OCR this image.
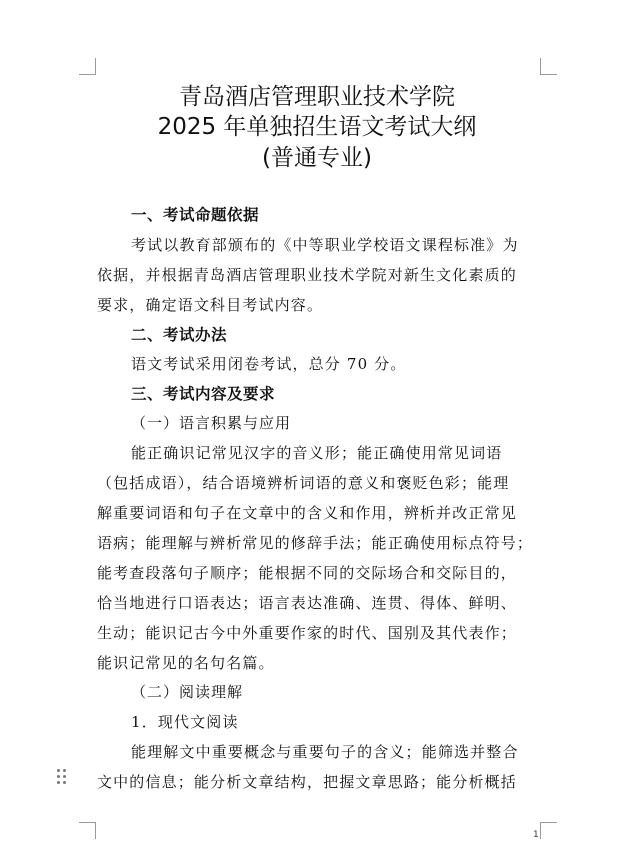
青岛酒店管理职业技术学院
2025 年单独招生语文考试大纲
(普通专业)
一、考试命题依据
考试以教育部颁布的《中等职业学校语文课程标准》为
依据，并根据青岛酒店管理职业技术学院对新生文化素质的
要求，确定语文科目考试内容。
二、考试办法
语文考试采用闭卷考试，总分 70 分。
三、考试内容及要求
（一）语言积累与应用
能正确识记常见汉字的音义形；能正确使用常见词语
（包括成语），结合语境辨析词语的意义和褒贬色彩；能理
解重要词语和句子在文章中的含义和作用，辨析并改正常见
语病；能理解与辨析常见的修辞手法；能正确使用标点符号；
能考查段落句子顺序；能根据不同的交际场合和交际目的，
恰当地进行口语表达；语言表达准确、连贯、得体、鲜明、
生动；能识记古今中外重要作家的时代、国别及其代表作；
能识记常见的名句名篇。
（二）阅读理解
1．现代文阅读
能理解文中重要概念与重要句子的含义；能筛选并整合
文中的信息；能分析文章结构，把握文章思路；能分析概括
1
